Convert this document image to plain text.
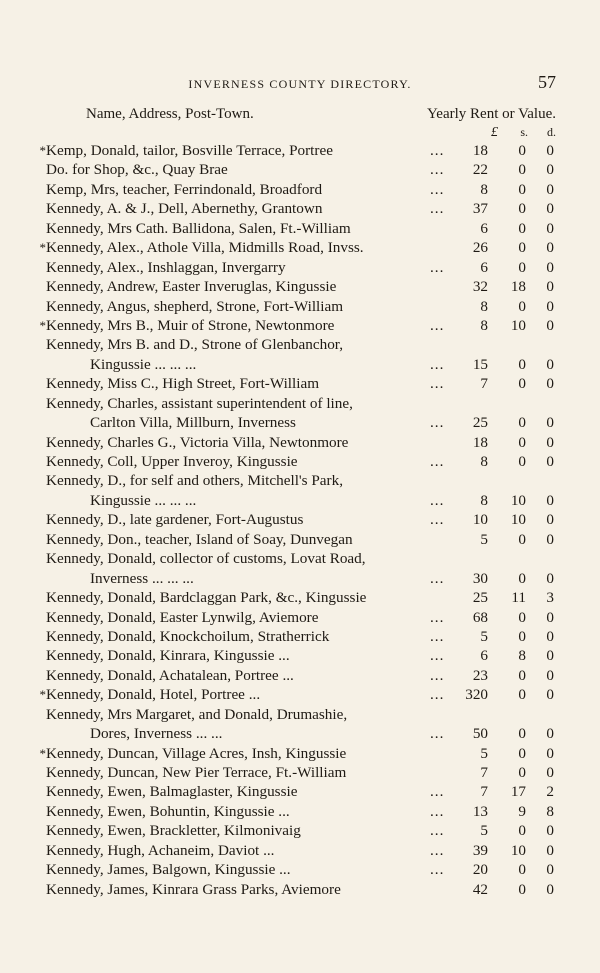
INVERNESS COUNTY DIRECTORY.	57
Name, Address, Post-Town.	Yearly Rent or Value.
£	s.	d.
* Kemp, Donald, tailor, Bosville Terrace, Portree	...	18	0	0
Do. for Shop, &c., Quay Brae	...	22	0	0
Kemp, Mrs, teacher, Ferrindonald, Broadford	...	8	0	0
Kennedy, A. & J., Dell, Abernethy, Grantown	...	37	0	0
Kennedy, Mrs Cath. Ballidona, Salen, Ft.-William	6	0	0
* Kennedy, Alex., Athole Villa, Midmills Road, Invss.	26	0	0
Kennedy, Alex., Inshlaggan, Invergarry	...	6	0	0
Kennedy, Andrew, Easter Inveruglas, Kingussie	32	18	0
Kennedy, Angus, shepherd, Strone, Fort-William	8	0	0
* Kennedy, Mrs B., Muir of Strone, Newtonmore	...	8	10	0
Kennedy, Mrs B. and D., Strone of Glenbanchor,
Kingussie ... ... ...	...	15	0	0
Kennedy, Miss C., High Street, Fort-William	...	7	0	0
Kennedy, Charles, assistant superintendent of line,
Carlton Villa, Millburn, Inverness	...	25	0	0
Kennedy, Charles G., Victoria Villa, Newtonmore	18	0	0
Kennedy, Coll, Upper Inveroy, Kingussie	...	8	0	0
Kennedy, D., for self and others, Mitchell's Park,
Kingussie ... ... ...	...	8	10	0
Kennedy, D., late gardener, Fort-Augustus	...	10	10	0
Kennedy, Don., teacher, Island of Soay, Dunvegan	5	0	0
Kennedy, Donald, collector of customs, Lovat Road,
Inverness ... ... ...	...	30	0	0
Kennedy, Donald, Bardclaggan Park, &c., Kingussie	25	11	3
Kennedy, Donald, Easter Lynwilg, Aviemore	...	68	0	0
Kennedy, Donald, Knockchoilum, Stratherrick	...	5	0	0
Kennedy, Donald, Kinrara, Kingussie ...	...	6	8	0
Kennedy, Donald, Achatalean, Portree ...	...	23	0	0
* Kennedy, Donald, Hotel, Portree ...	...	320	0	0
Kennedy, Mrs Margaret, and Donald, Drumashie,
Dores, Inverness ... ...	...	50	0	0
* Kennedy, Duncan, Village Acres, Insh, Kingussie	5	0	0
Kennedy, Duncan, New Pier Terrace, Ft.-William	7	0	0
Kennedy, Ewen, Balmaglaster, Kingussie	...	7	17	2
Kennedy, Ewen, Bohuntin, Kingussie ...	...	13	9	8
Kennedy, Ewen, Brackletter, Kilmonivaig	...	5	0	0
Kennedy, Hugh, Achaneim, Daviot ...	...	39	10	0
Kennedy, James, Balgown, Kingussie ...	...	20	0	0
Kennedy, James, Kinrara Grass Parks, Aviemore	42	0	0
